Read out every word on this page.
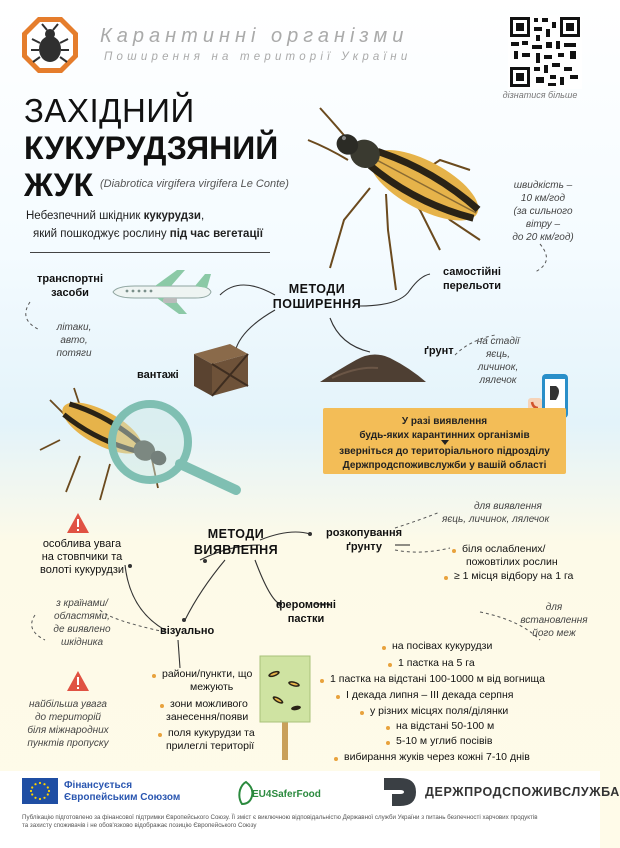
Карантинні організми
Поширення на території України
дізнатися більше
ЗАХІДНИЙ
КУКУРУДЗЯНИЙ
ЖУК (Diabrotica virgifera virgifera Le Conte)
Небезпечний шкідник кукурудзи,
який пошкоджує рослину під час вегетації
МЕТОДИ
ПОШИРЕННЯ
транспортні
засоби
літаки,
авто,
потяги
вантажі
самостійні
перельоти
швидкість –
10 км/год
(за сильного
вітру –
до 20 км/год)
ґрунт
на стадії
яєць,
личинок,
лялечок
У разі виявлення
будь-яких карантинних організмів
зверніться до територіального підрозділу
Держпродспоживслужби у вашій області
МЕТОДИ
ВИЯВЛЕННЯ
розкопування
ґрунту
для виявлення
яєць, личинок, лялечок
біля ослаблених/
пожовтілих рослин
≥ 1 місця відбору на 1 га
особлива увага
на стовпчики та
волоті кукурудзи
з країнами/
областями,
де виявлено
шкідника
візуально
феромонні
пастки
для
встановлення
його меж
райони/пункти, що
межують
зони можливого
занесення/появи
поля кукурудзи та
прилеглі території
найбільша увага
до територій
біля міжнародних
пунктів пропуску
на посівах кукурудзи
1 пастка на 5 га
1 пастка на відстані 100-1000 м від вогнища
І декада липня – ІІІ декада серпня
у різних місцях поля/ділянки
на відстані 50-100 м
5-10 м углиб посівів
вибирання жуків через кожні 7-10 днів
Фінансується
Європейським Союзом	EU4SaferFood	ДЕРЖПРОДСПОЖИВСЛУЖБА
Публікацію підготовлено за фінансової підтримки Європейського Союзу. Її зміст є виключною відповідальністю Державної служби України з питань безпечності харчових продуктів
та захисту споживачів і не обов'язково відображає позицію Європейського Союзу
